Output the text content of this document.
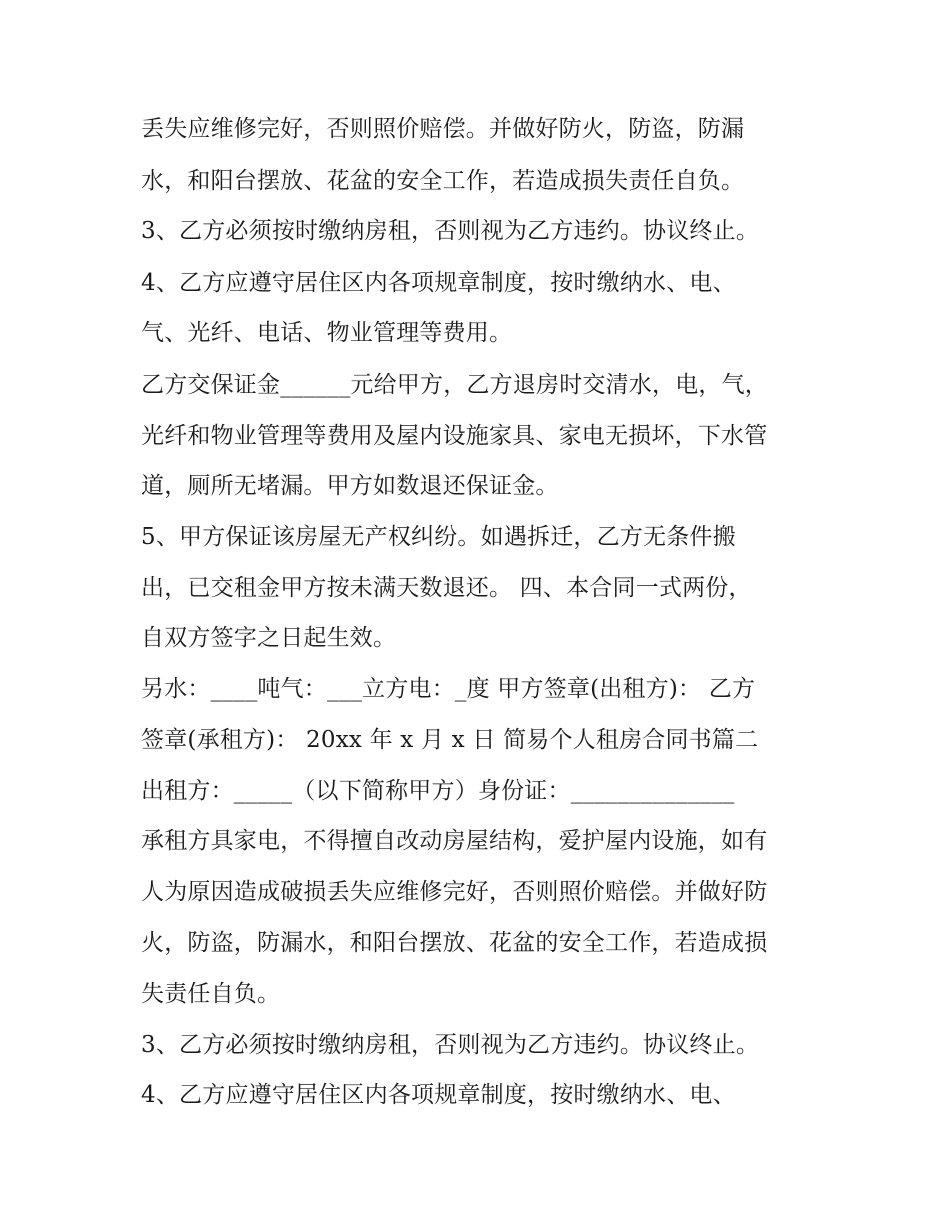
丢失应维修完好，否则照价赔偿。并做好防火，防盗，防漏
水，和阳台摆放、花盆的安全工作，若造成损失责任自负。
3、乙方必须按时缴纳房租，否则视为乙方违约。协议终止。
4、乙方应遵守居住区内各项规章制度，按时缴纳水、电、
气、光纤、电话、物业管理等费用。
乙方交保证金______元给甲方，乙方退房时交清水，电，气，
光纤和物业管理等费用及屋内设施家具、家电无损坏，下水管
道，厕所无堵漏。甲方如数退还保证金。
5、甲方保证该房屋无产权纠纷。如遇拆迁，乙方无条件搬
出，已交租金甲方按未满天数退还。 四、本合同一式两份，
自双方签字之日起生效。
另水：____吨气：___立方电：_度 甲方签章(出租方)： 乙方
签章(承租方)： 20xx 年 x 月 x 日 简易个人租房合同书篇二
出租方：_____（以下简称甲方）身份证：______________
承租方具家电，不得擅自改动房屋结构，爱护屋内设施，如有
人为原因造成破损丢失应维修完好，否则照价赔偿。并做好防
火，防盗，防漏水，和阳台摆放、花盆的安全工作，若造成损
失责任自负。
3、乙方必须按时缴纳房租，否则视为乙方违约。协议终止。
4、乙方应遵守居住区内各项规章制度，按时缴纳水、电、
